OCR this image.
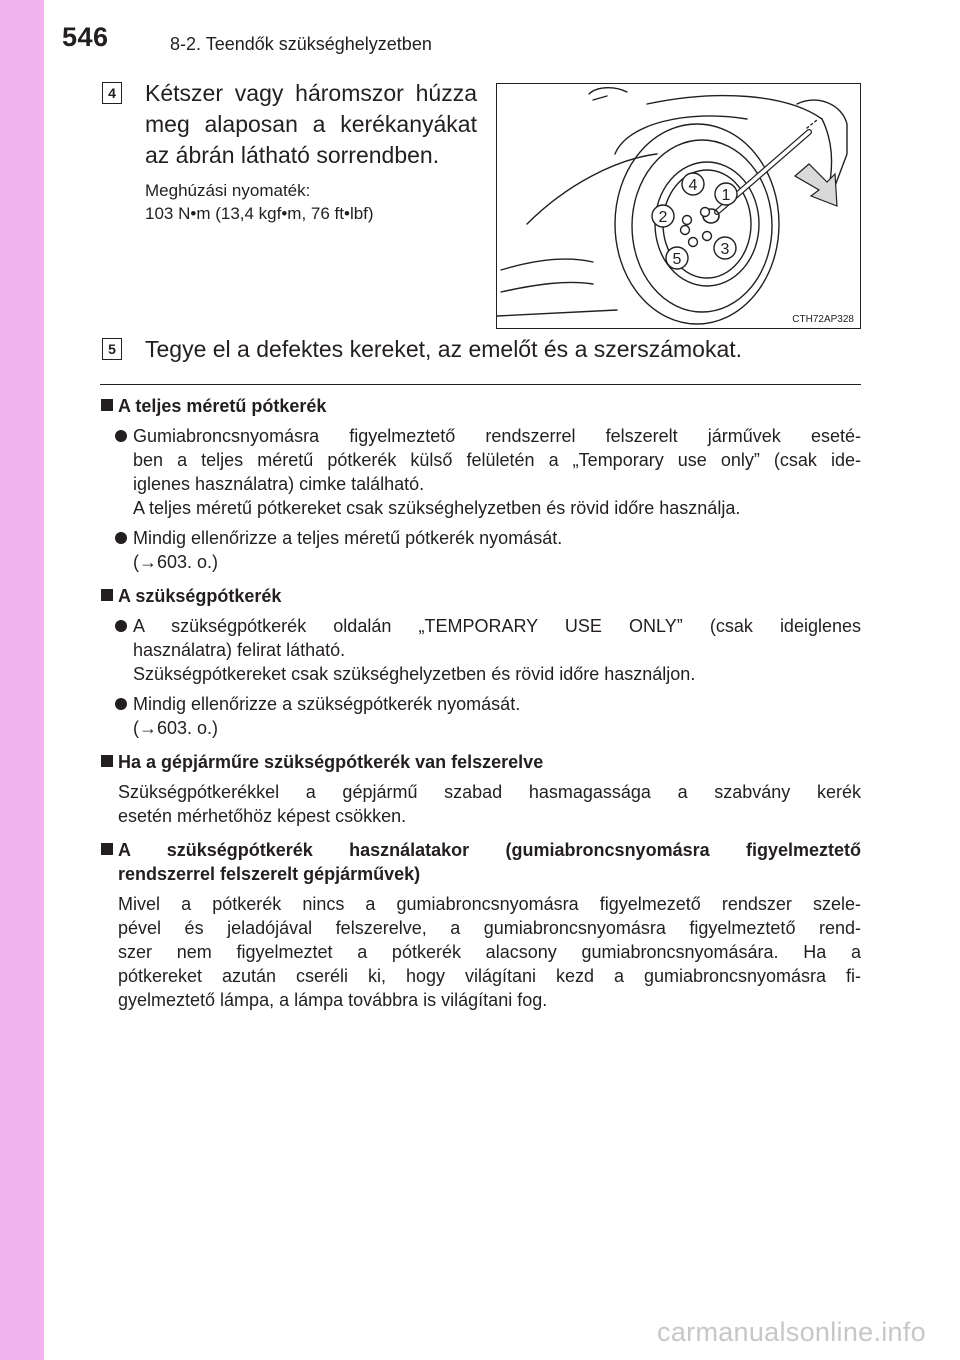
546	8-2. Teendők szükséghelyzetben
4 Kétszer vagy háromszor húzza meg alaposan a kerékanyákat az ábrán látható sorrendben.
Meghúzási nyomaték:
103 N•m (13,4 kgf•m, 76 ft•lbf)
1
2
3
4
5
CTH72AP328
5 Tegye el a defektes kereket, az emelőt és a szerszámokat.
A teljes méretű pótkerék
Gumiabroncsnyomásra figyelmeztető rendszerrel felszerelt járművek eseté-
ben a teljes méretű pótkerék külső felületén a „Temporary use only” (csak ide-
iglenes használatra) cimke található.
A teljes méretű pótkereket csak szükséghelyzetben és rövid időre használja.
Mindig ellenőrizze a teljes méretű pótkerék nyomását.
(→603. o.)
A szükségpótkerék
A szükségpótkerék oldalán „TEMPORARY USE ONLY” (csak ideiglenes
használatra) felirat látható.
Szükségpótkereket csak szükséghelyzetben és rövid időre használjon.
Mindig ellenőrizze a szükségpótkerék nyomását.
(→603. o.)
Ha a gépjárműre szükségpótkerék van felszerelve
Szükségpótkerékkel a gépjármű szabad hasmagassága a szabvány kerék
esetén mérhetőhöz képest csökken.
A szükségpótkerék használatakor (gumiabroncsnyomásra figyelmeztető
rendszerrel felszerelt gépjárművek)
Mivel a pótkerék nincs a gumiabroncsnyomásra figyelmezető rendszer szele-
pével és jeladójával felszerelve, a gumiabroncsnyomásra figyelmeztető rend-
szer nem figyelmeztet a pótkerék alacsony gumiabroncsnyomására. Ha a
pótkereket azután cseréli ki, hogy világítani kezd a gumiabroncsnyomásra fi-
gyelmeztető lámpa, a lámpa továbbra is világítani fog.
carmanualsonline.info
